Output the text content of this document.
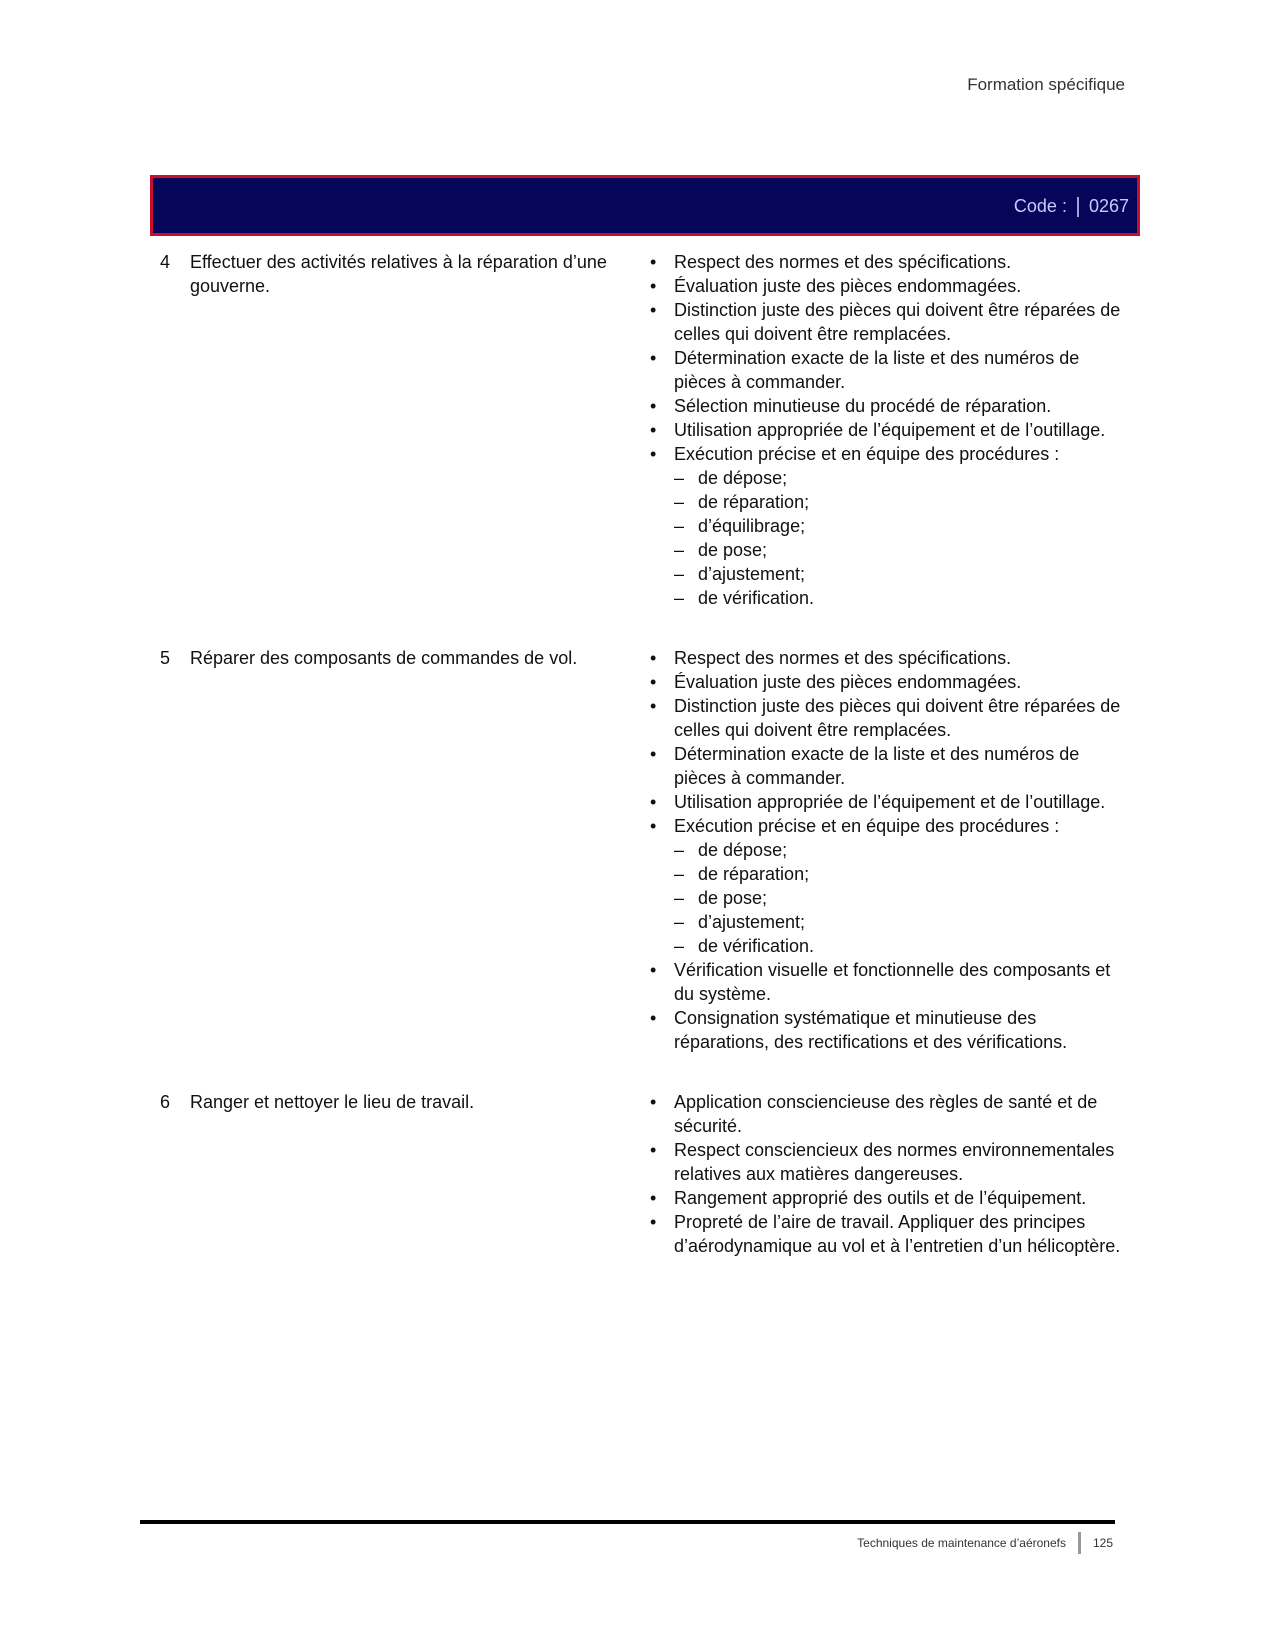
Formation spécifique
Code : 0267
4	Effectuer des activités relatives à la réparation d’une gouverne.
• Respect des normes et des spécifications.
• Évaluation juste des pièces endommagées.
• Distinction juste des pièces qui doivent être réparées de celles qui doivent être remplacées.
• Détermination exacte de la liste et des numéros de pièces à commander.
• Sélection minutieuse du procédé de réparation.
• Utilisation appropriée de l’équipement et de l’outillage.
• Exécution précise et en équipe des procédures :
– de dépose;
– de réparation;
– d’équilibrage;
– de pose;
– d’ajustement;
– de vérification.
5	Réparer des composants de commandes de vol.	• Respect des normes et des spécifications.
• Évaluation juste des pièces endommagées.
• Distinction juste des pièces qui doivent être réparées de celles qui doivent être remplacées.
• Détermination exacte de la liste et des numéros de pièces à commander.
• Utilisation appropriée de l’équipement et de l’outillage.
• Exécution précise et en équipe des procédures :
– de dépose;
– de réparation;
– de pose;
– d’ajustement;
– de vérification.
• Vérification visuelle et fonctionnelle des composants et du système.
• Consignation systématique et minutieuse des réparations, des rectifications et des vérifications.
6	Ranger et nettoyer le lieu de travail.	• Application consciencieuse des règles de santé et de sécurité.
• Respect consciencieux des normes environnementales relatives aux matières dangereuses.
• Rangement approprié des outils et de l’équipement.
• Propreté de l’aire de travail. Appliquer des principes d’aérodynamique au vol et à l’entretien d’un hélicoptère.
Techniques de maintenance d’aéronefs 125
